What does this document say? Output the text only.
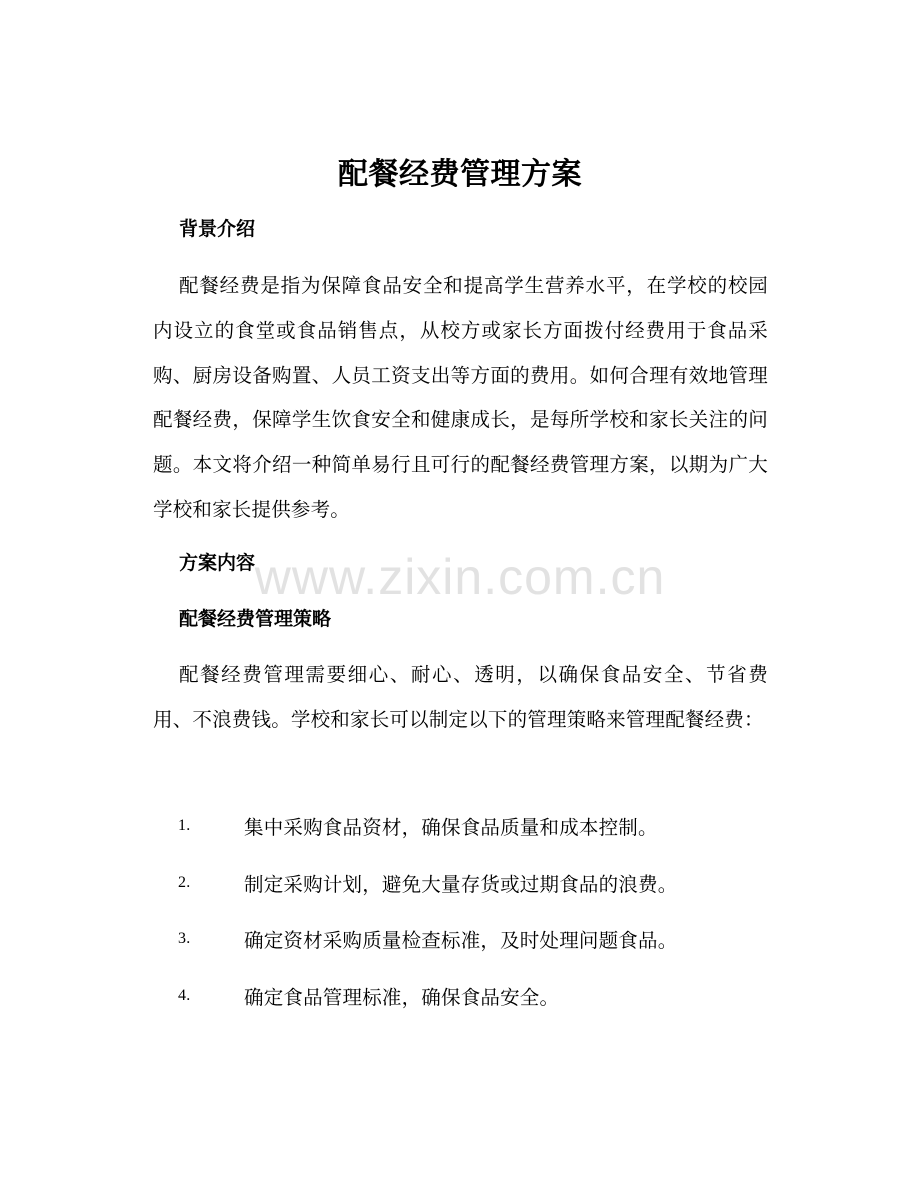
www.zixin.com.cn
配餐经费管理方案
背景介绍
配餐经费是指为保障食品安全和提高学生营养水平，在学校的校园内设立的食堂或食品销售点，从校方或家长方面拨付经费用于食品采购、厨房设备购置、人员工资支出等方面的费用。如何合理有效地管理配餐经费，保障学生饮食安全和健康成长，是每所学校和家长关注的问题。本文将介绍一种简单易行且可行的配餐经费管理方案，以期为广大学校和家长提供参考。
方案内容
配餐经费管理策略
配餐经费管理需要细心、耐心、透明，以确保食品安全、节省费用、不浪费钱。学校和家长可以制定以下的管理策略来管理配餐经费：
1.	集中采购食品资材，确保食品质量和成本控制。
2.	制定采购计划，避免大量存货或过期食品的浪费。
3.	确定资材采购质量检查标准，及时处理问题食品。
4.	确定食品管理标准，确保食品安全。
